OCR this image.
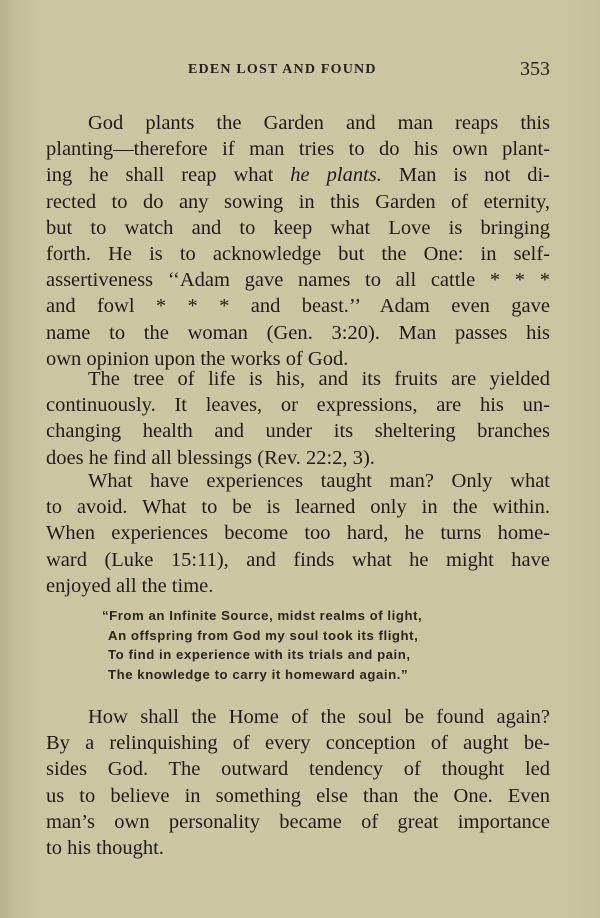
EDEN LOST AND FOUND	353
God plants the Garden and man reaps this
planting—therefore if man tries to do his own plant-
ing he shall reap what he plants. Man is not di-
rected to do any sowing in this Garden of eternity,
but to watch and to keep what Love is bringing
forth. He is to acknowledge but the One: in self-
assertiveness ‘‘Adam gave names to all cattle * * *
and fowl * * * and beast.’’ Adam even gave
name to the woman (Gen. 3:20). Man passes his
own opinion upon the works of God.
The tree of life is his, and its fruits are yielded
continuously. It leaves, or expressions, are his un-
changing health and under its sheltering branches
does he find all blessings (Rev. 22:2, 3).
What have experiences taught man? Only what
to avoid. What to be is learned only in the within.
When experiences become too hard, he turns home-
ward (Luke 15:11), and finds what he might have
enjoyed all the time.
“From an Infinite Source, midst realms of light,
An offspring from God my soul took its flight,
To find in experience with its trials and pain,
The knowledge to carry it homeward again.”
How shall the Home of the soul be found again?
By a relinquishing of every conception of aught be-
sides God. The outward tendency of thought led
us to believe in something else than the One. Even
man’s own personality became of great importance
to his thought.
